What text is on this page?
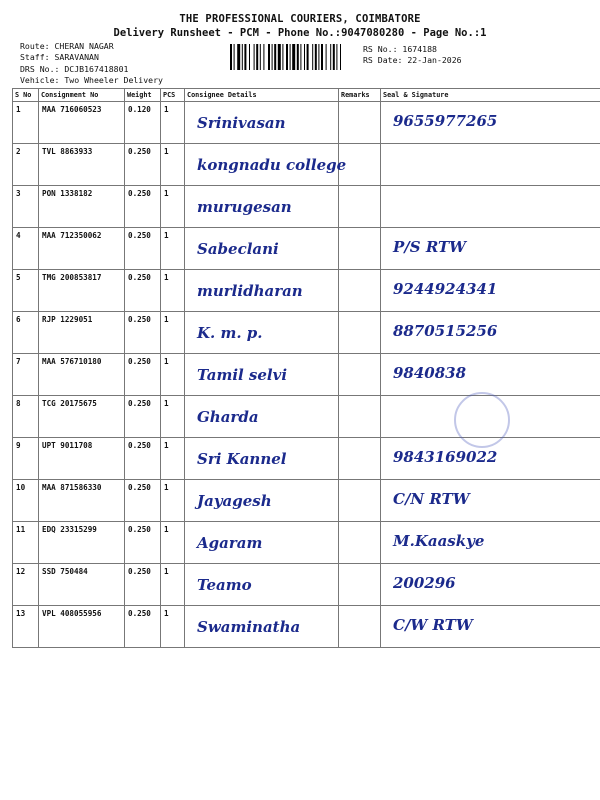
THE PROFESSIONAL COURIERS, COIMBATORE
Delivery Runsheet - PCM - Phone No.:9047080280 - Page No.:1
Route: CHERAN NAGAR
Staff: SARAVANAN
DRS No.: DCJB167418801
Vehicle: Two Wheeler Delivery
RS No.: 1674188
RS Date: 22-Jan-2026
S No	Consignment No	Weight	PCS	Consignee Details	Remarks	Seal & Signature
1	MAA 716060523	0.120	1	Srinivasan		9655977265

2	TVL 8863933	0.250	1	kongnadu college		

3	PON 1338182	0.250	1	murugesan		

4	MAA 712350062	0.250	1	Sabeclani		P/S RTW

5	TMG 200853817	0.250	1	murlidharan		9244924341

6	RJP 1229051	0.250	1	K. m. p.		8870515256

7	MAA 576710180	0.250	1	Tamil selvi		9840838

8	TCG 20175675	0.250	1	Gharda		

9	UPT 9011708	0.250	1	Sri Kannel		9843169022

10	MAA 871586330	0.250	1	Jayagesh		C/N RTW

11	EDQ 23315299	0.250	1	Agaram		M.Kaaskye

12	SSD 750484	0.250	1	Teamo		200296

13	VPL 408055956	0.250	1	Swaminatha		C/W RTW
